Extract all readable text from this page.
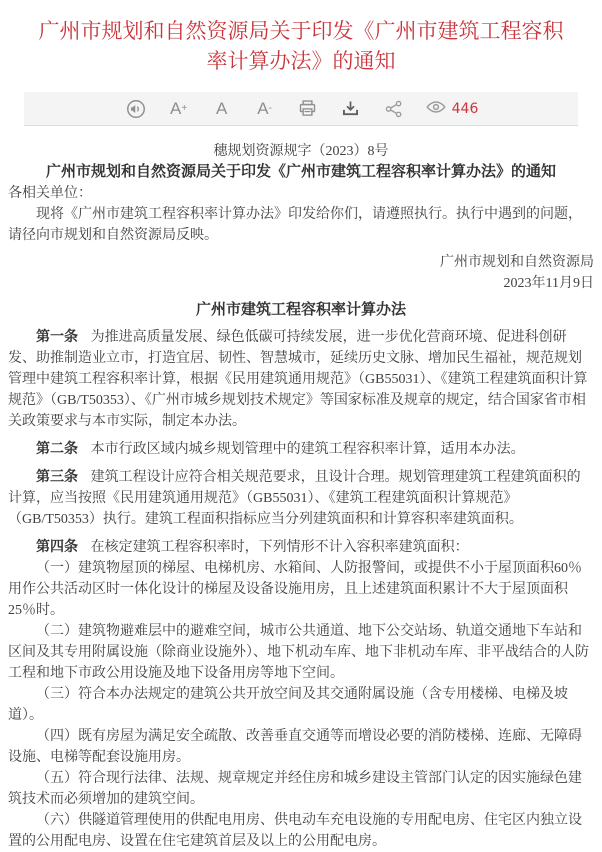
广州市规划和自然资源局关于印发《广州市建筑工程容积率计算办法》的通知
A + A A -	446

穗规划资源规字（2023）8号

广州市规划和自然资源局关于印发《广州市建筑工程容积率计算办法》的通知

各相关单位：

现将《广州市建筑工程容积率计算办法》印发给你们，请遵照执行。执行中遇到的问题，请径向市规划和自然资源局反映。

广州市规划和自然资源局

2023年11月9日

广州市建筑工程容积率计算办法

第一条 为推进高质量发展、绿色低碳可持续发展，进一步优化营商环境、促进科创研发、助推制造业立市，打造宜居、韧性、智慧城市，延续历史文脉、增加民生福祉，规范规划管理中建筑工程容积率计算，根据《民用建筑通用规范》（GB55031）、《建筑工程建筑面积计算规范》（GB/T50353）、《广州市城乡规划技术规定》等国家标准及规章的规定，结合国家省市相关政策要求与本市实际，制定本办法。

第二条 本市行政区域内城乡规划管理中的建筑工程容积率计算，适用本办法。

第三条 建筑工程设计应符合相关规范要求，且设计合理。规划管理建筑工程建筑面积的计算，应当按照《民用建筑通用规范》（GB55031）、《建筑工程建筑面积计算规范》（GB/T50353）执行。建筑工程面积指标应当分列建筑面积和计算容积率建筑面积。

第四条 在核定建筑工程容积率时，下列情形不计入容积率建筑面积：

（一）建筑物屋顶的梯屋、电梯机房、水箱间、人防报警间，或提供不小于屋顶面积60％用作公共活动区时一体化设计的梯屋及设备设施用房，且上述建筑面积累计不大于屋顶面积25％时。

（二）建筑物避难层中的避难空间，城市公共通道、地下公交站场、轨道交通地下车站和区间及其专用附属设施（除商业设施外）、地下机动车库、地下非机动车库、非平战结合的人防工程和地下市政公用设施及地下设备用房等地下空间。

（三）符合本办法规定的建筑公共开放空间及其交通附属设施（含专用楼梯、电梯及坡道）。

（四）既有房屋为满足安全疏散、改善垂直交通等而增设必要的消防楼梯、连廊、无障碍设施、电梯等配套设施用房。

（五）符合现行法律、法规、规章规定并经住房和城乡建设主管部门认定的因实施绿色建筑技术而必须增加的建筑空间。

（六）供隧道管理使用的供配电用房、供电动车充电设施的专用配电房、住宅区内独立设置的公用配电房、设置在住宅建筑首层及以上的公用配电房。
